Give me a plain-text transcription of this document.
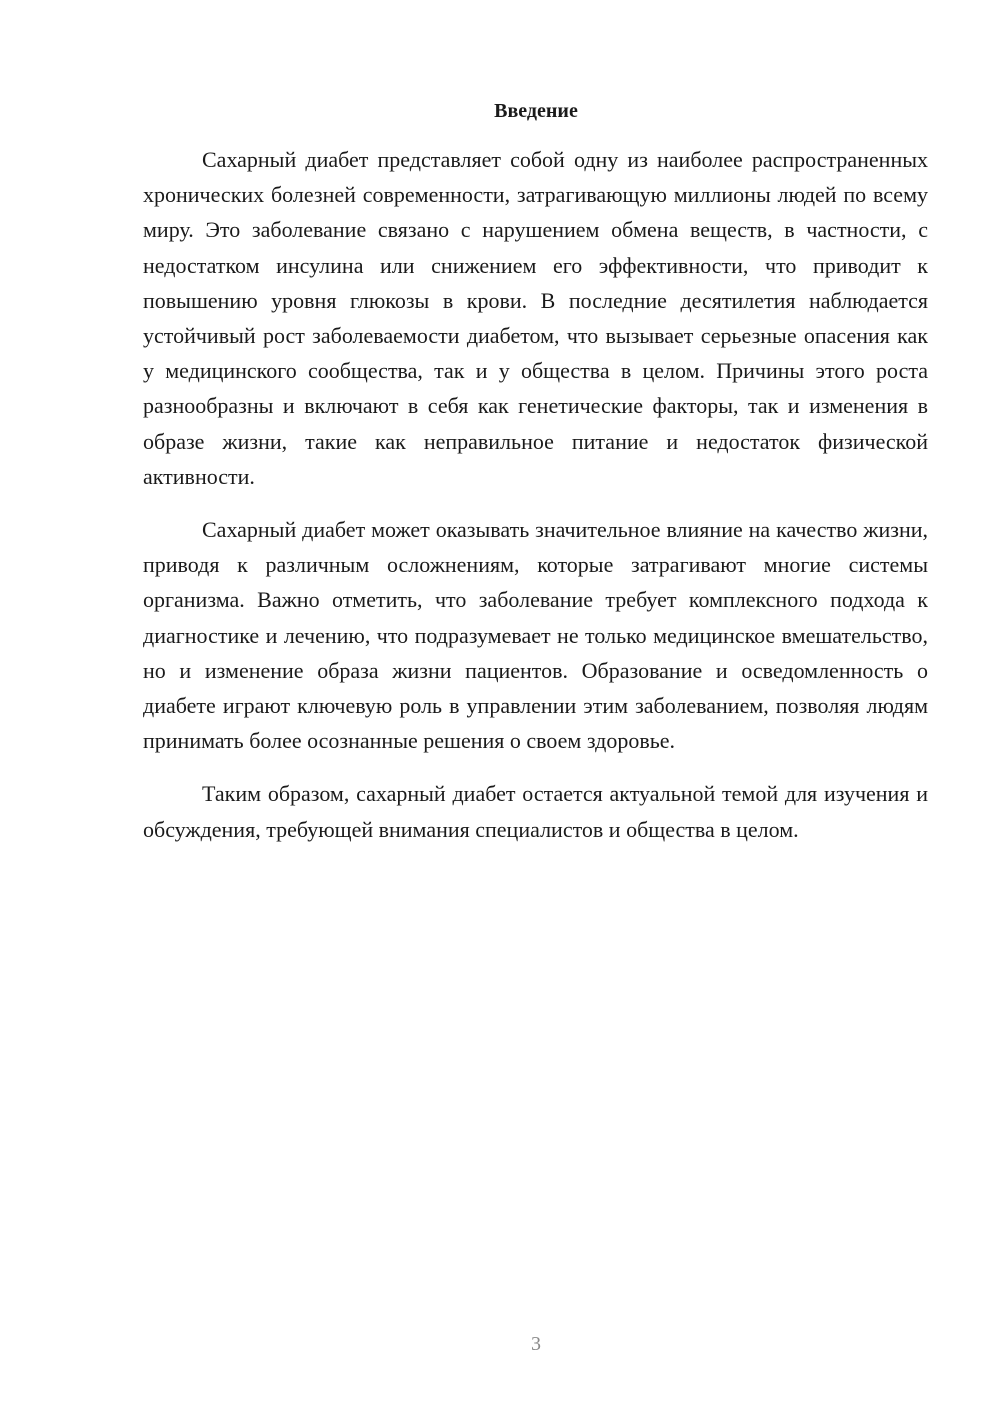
Введение

Сахарный диабет представляет собой одну из наиболее распространенных хронических болезней современности, затрагивающую миллионы людей по всему миру. Это заболевание связано с нарушением обмена веществ, в частности, с недостатком инсулина или снижением его эффективности, что приводит к повышению уровня глюкозы в крови. В последние десятилетия наблюдается устойчивый рост заболеваемости диабетом, что вызывает серьезные опасения как у медицинского сообщества, так и у общества в целом. Причины этого роста разнообразны и включают в себя как генетические факторы, так и изменения в образе жизни, такие как неправильное питание и недостаток физической активности.

Сахарный диабет может оказывать значительное влияние на качество жизни, приводя к различным осложнениям, которые затрагивают многие системы организма. Важно отметить, что заболевание требует комплексного подхода к диагностике и лечению, что подразумевает не только медицинское вмешательство, но и изменение образа жизни пациентов. Образование и осведомленность о диабете играют ключевую роль в управлении этим заболеванием, позволяя людям принимать более осознанные решения о своем здоровье.

Таким образом, сахарный диабет остается актуальной темой для изучения и обсуждения, требующей внимания специалистов и общества в целом.

3
